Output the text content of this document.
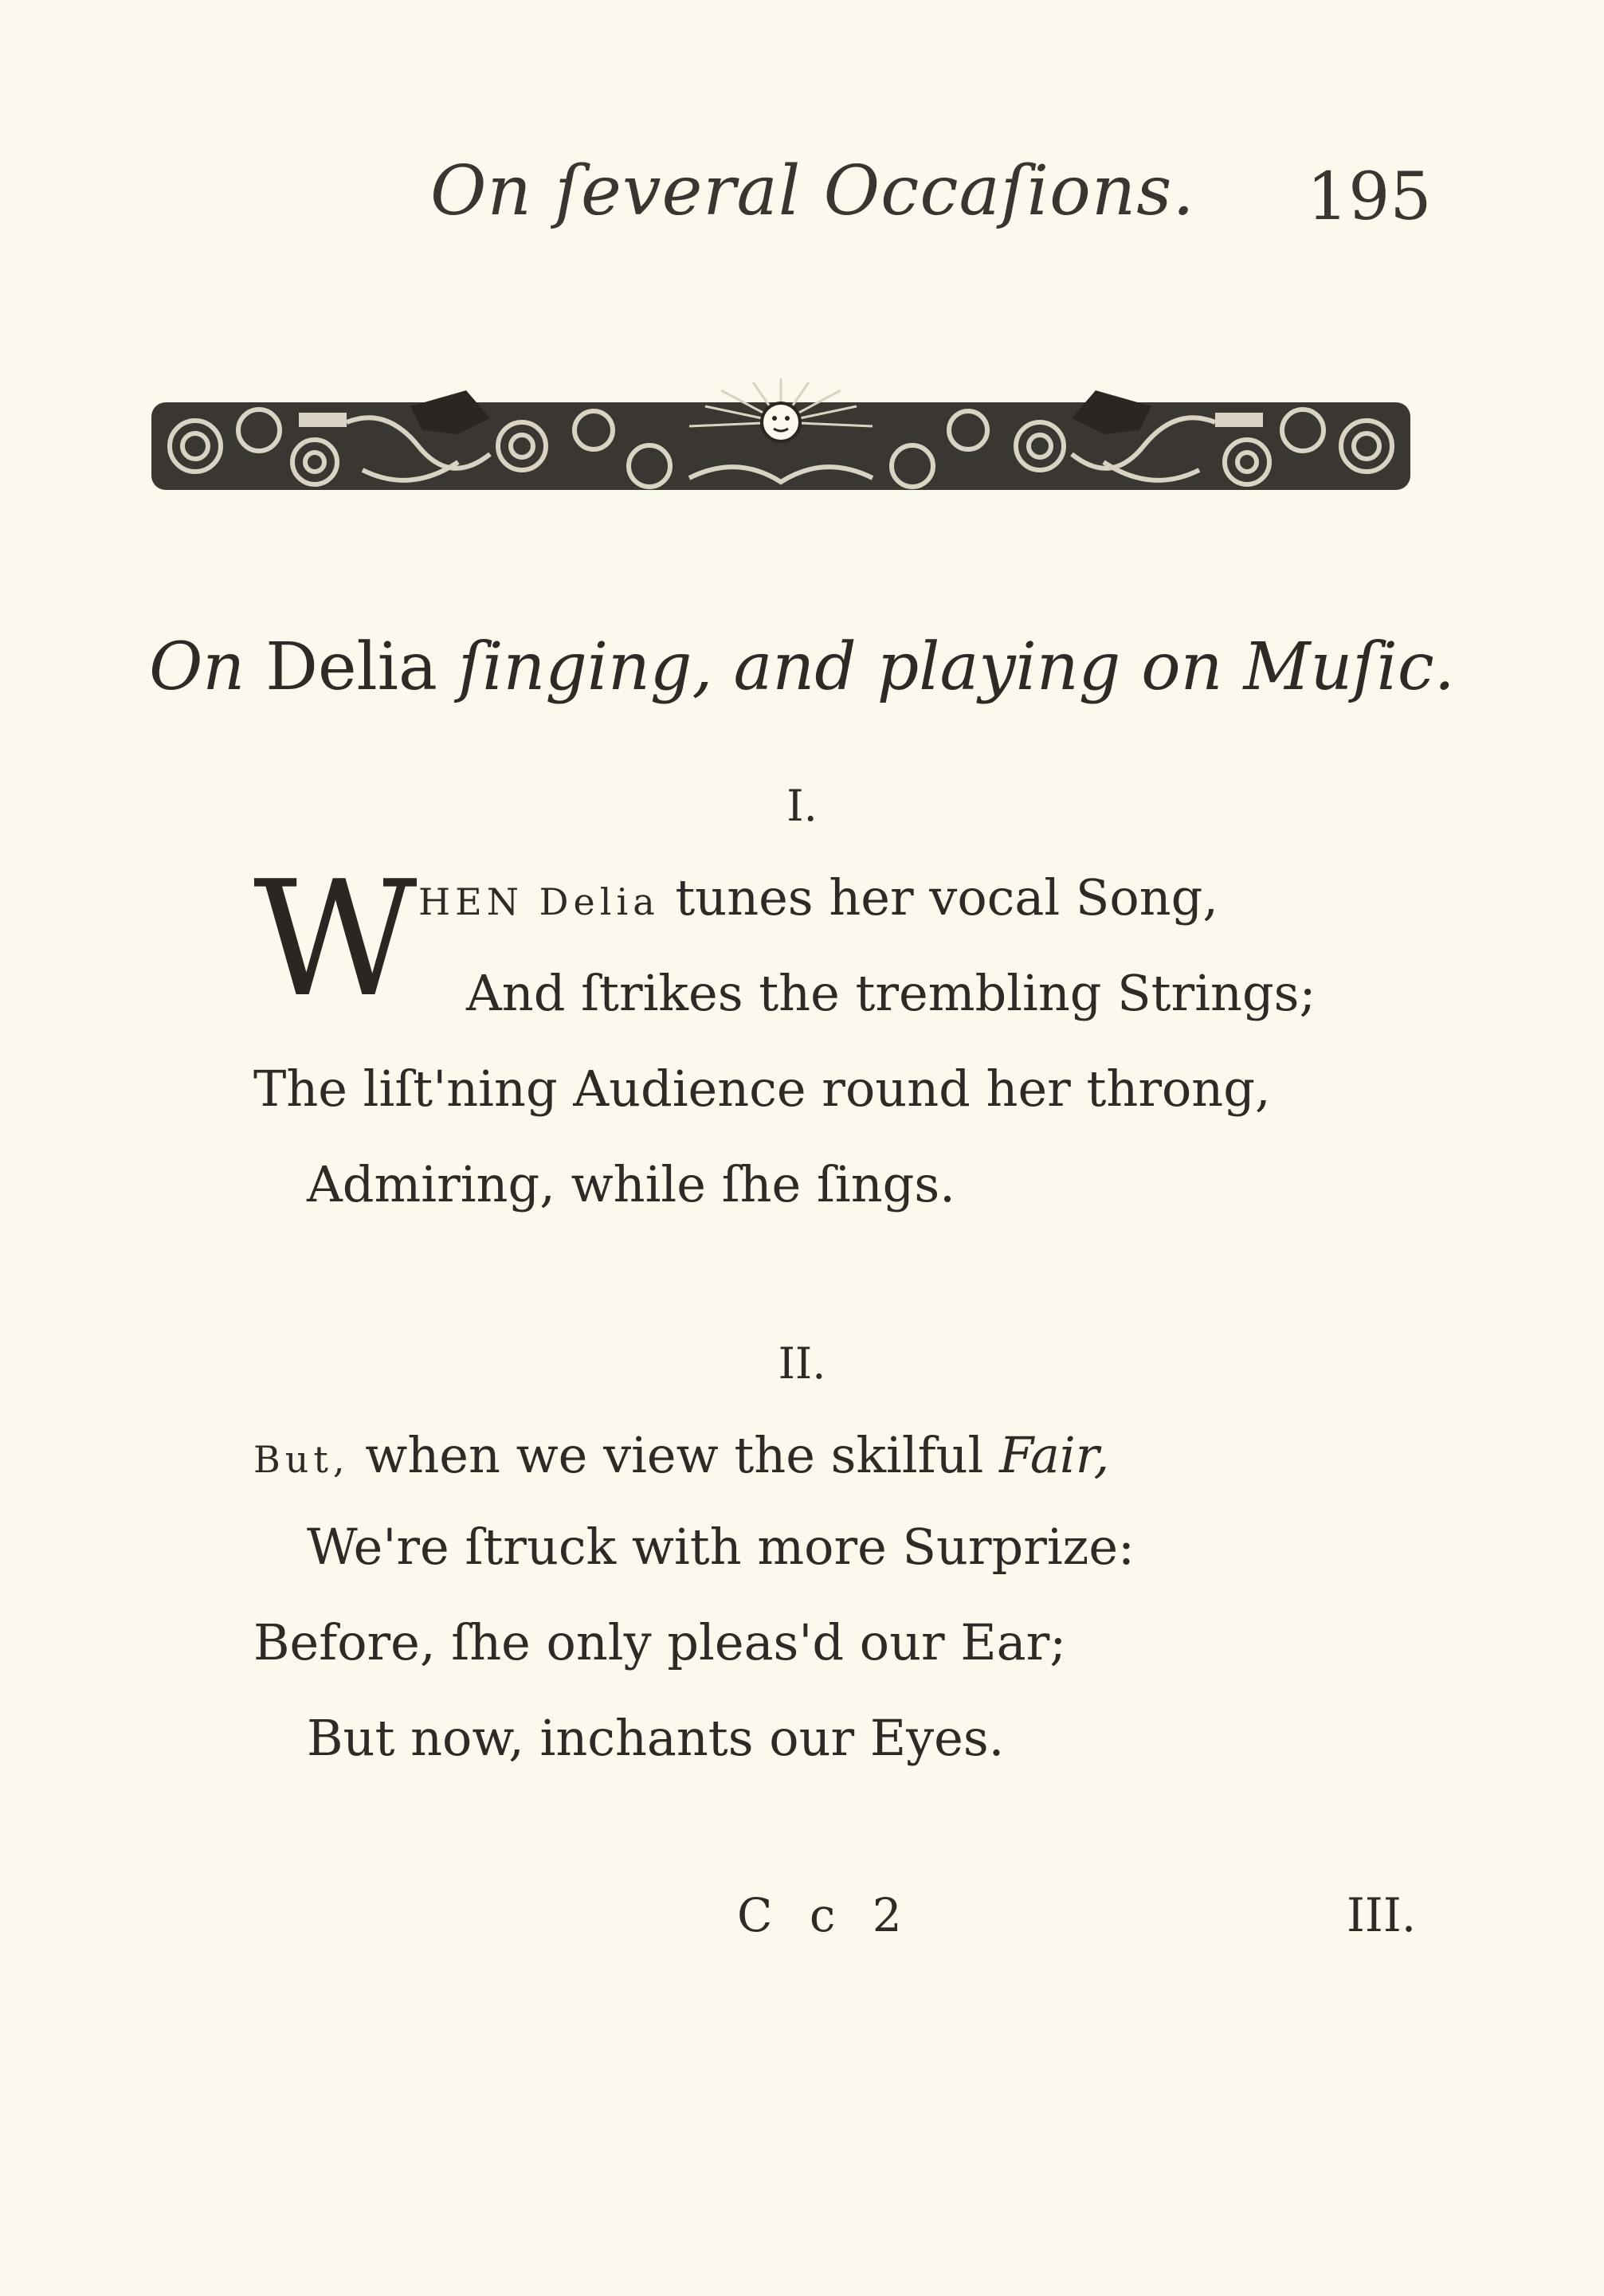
On ſeveral Occaſions. 195
On Delia ſinging, and playing on Muſic.
I.
W HEN Delia tunes her vocal Song,
And ſtrikes the trembling Strings;
The liſt'ning Audience round her throng,
Admiring, while ſhe ſings.
II.
But, when we view the skilful Fair,
We're ſtruck with more Surprize:
Before, ſhe only pleas'd our Ear;
But now, inchants our Eyes.
C c 2	III.
